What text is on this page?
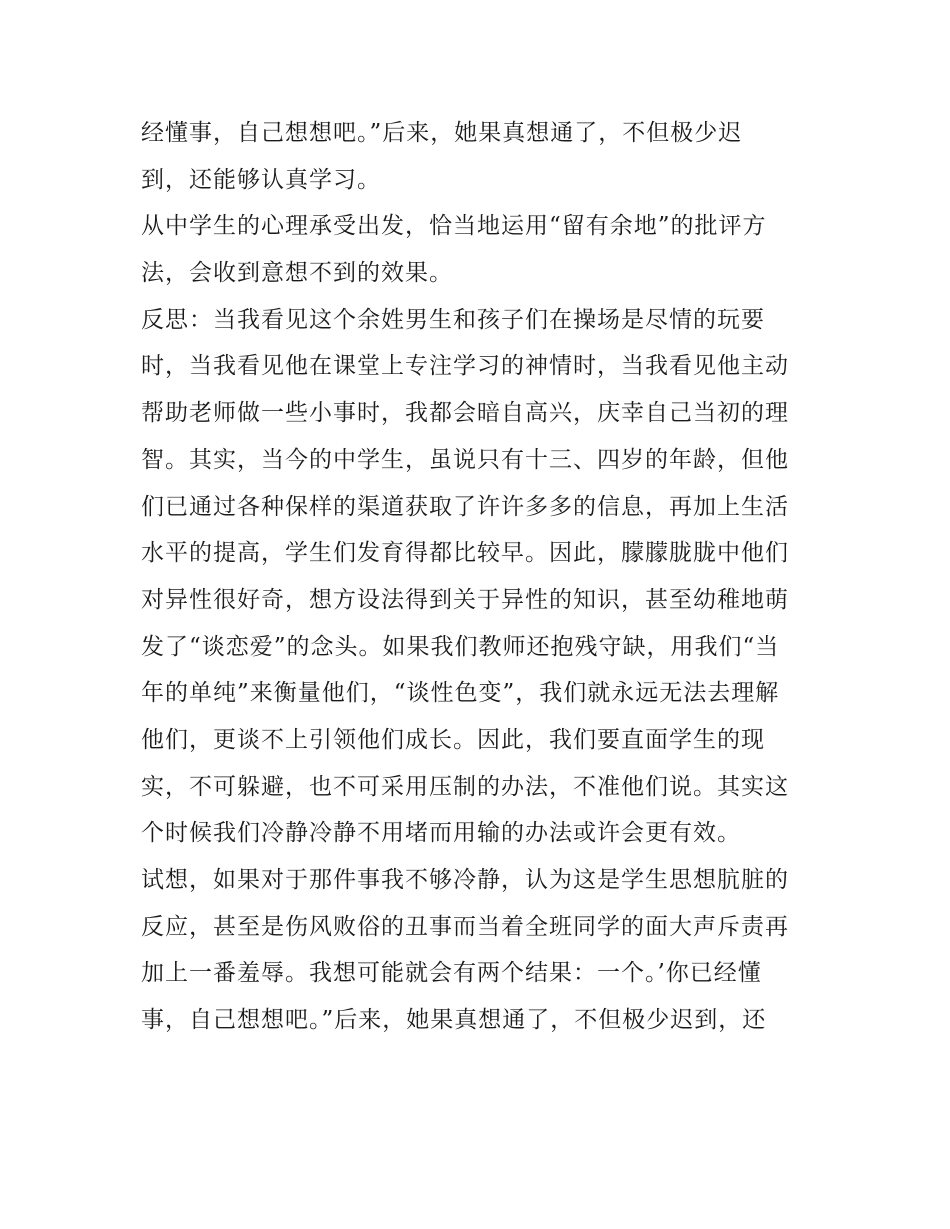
经懂事，自己想想吧。”后来，她果真想通了，不但极少迟
到，还能够认真学习。
从中学生的心理承受出发，恰当地运用“留有余地”的批评方
法，会收到意想不到的效果。
反思：当我看见这个余姓男生和孩子们在操场是尽情的玩要
时，当我看见他在课堂上专注学习的神情时，当我看见他主动
帮助老师做一些小事时，我都会暗自高兴，庆幸自己当初的理
智。其实，当今的中学生，虽说只有十三、四岁的年龄，但他
们已通过各种保样的渠道获取了许许多多的信息，再加上生活
水平的提高，学生们发育得都比较早。因此，朦朦胧胧中他们
对异性很好奇，想方设法得到关于异性的知识，甚至幼稚地萌
发了“谈恋爱”的念头。如果我们教师还抱残守缺，用我们“当
年的单纯”来衡量他们，“谈性色变”，我们就永远无法去理解
他们，更谈不上引领他们成长。因此，我们要直面学生的现
实，不可躲避，也不可采用压制的办法，不准他们说。其实这
个时候我们冷静冷静不用堵而用输的办法或许会更有效。
试想，如果对于那件事我不够冷静，认为这是学生思想肮脏的
反应，甚至是伤风败俗的丑事而当着全班同学的面大声斥责再
加上一番羞辱。我想可能就会有两个结果：一个。’你已经懂
事，自己想想吧。”后来，她果真想通了，不但极少迟到，还
